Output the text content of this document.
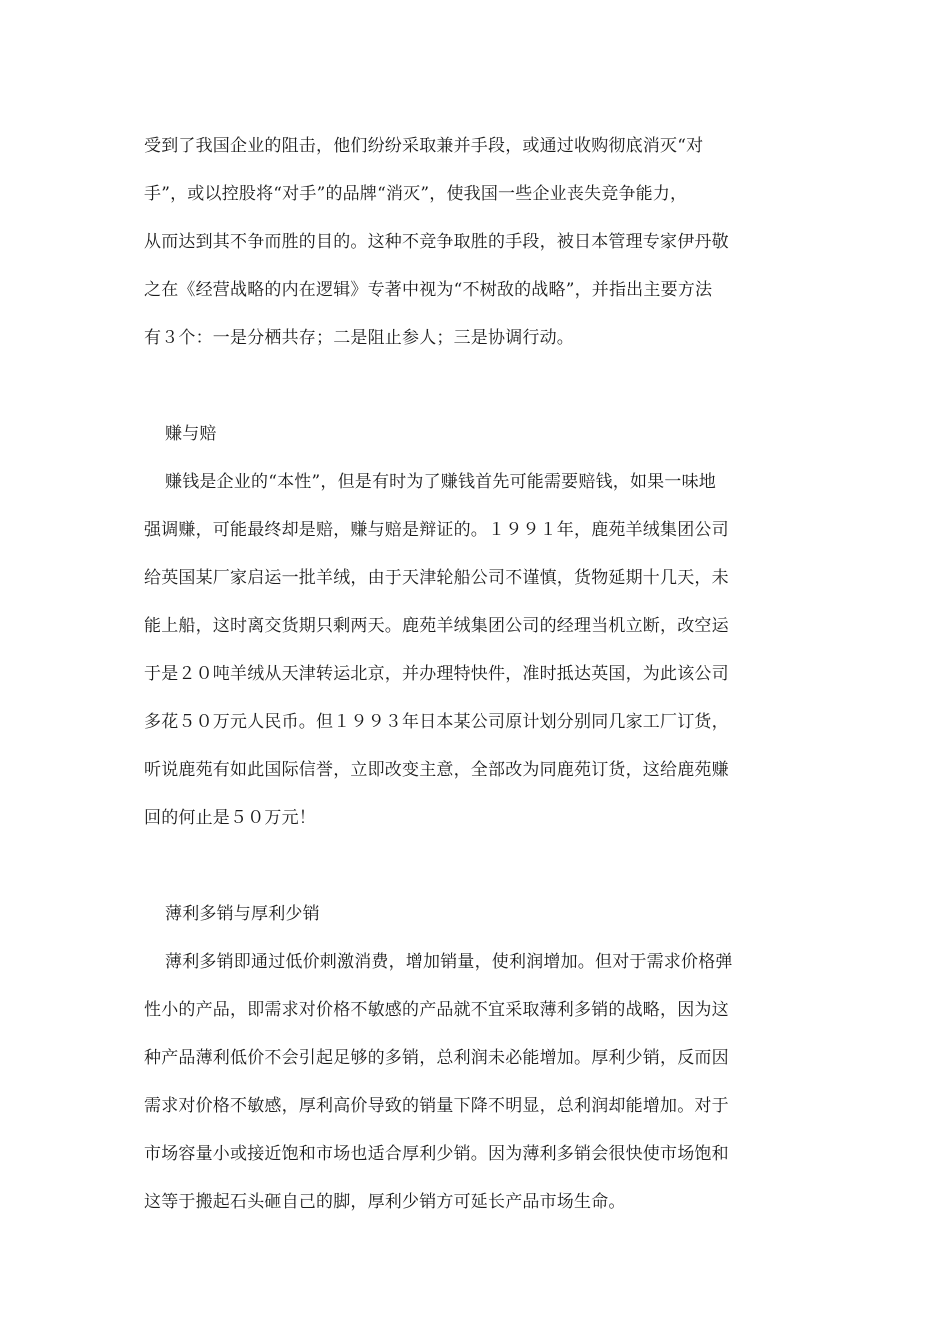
受到了我国企业的阻击，他们纷纷采取兼并手段，或通过收购彻底消灭“对
手”，或以控股将“对手”的品牌“消灭”，使我国一些企业丧失竞争能力，
从而达到其不争而胜的目的。这种不竞争取胜的手段，被日本管理专家伊丹敬
之在《经营战略的内在逻辑》专著中视为“不树敌的战略”，并指出主要方法
有３个：一是分栖共存；二是阻止参人；三是协调行动。
赚与赔
赚钱是企业的“本性”，但是有时为了赚钱首先可能需要赔钱，如果一味地
强调赚，可能最终却是赔，赚与赔是辩证的。１９９１年，鹿苑羊绒集团公司
给英国某厂家启运一批羊绒，由于天津轮船公司不谨慎，货物延期十几天，未
能上船，这时离交货期只剩两天。鹿苑羊绒集团公司的经理当机立断，改空运
于是２０吨羊绒从天津转运北京，并办理特快件，准时抵达英国，为此该公司
多花５０万元人民币。但１９９３年日本某公司原计划分别同几家工厂订货，
听说鹿苑有如此国际信誉，立即改变主意，全部改为同鹿苑订货，这给鹿苑赚
回的何止是５０万元！
薄利多销与厚利少销
薄利多销即通过低价刺激消费，增加销量，使利润增加。但对于需求价格弹
性小的产品，即需求对价格不敏感的产品就不宜采取薄利多销的战略，因为这
种产品薄利低价不会引起足够的多销，总利润未必能增加。厚利少销，反而因
需求对价格不敏感，厚利高价导致的销量下降不明显，总利润却能增加。对于
市场容量小或接近饱和市场也适合厚利少销。因为薄利多销会很快使市场饱和
这等于搬起石头砸自己的脚，厚利少销方可延长产品市场生命。
